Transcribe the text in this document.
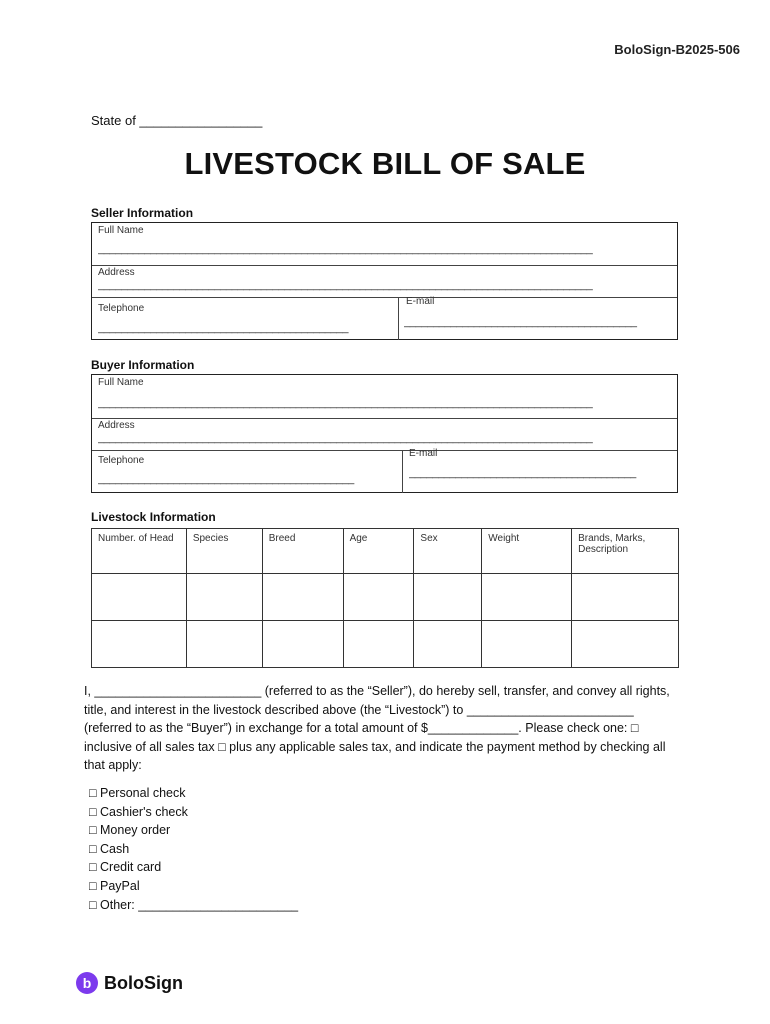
BoloSign-B2025-506
State of _________________
LIVESTOCK BILL OF SALE
Seller Information
Full Name
_____________________________________________________________________________________
Address
_____________________________________________________________________________________
Telephone
___________________________________________
E-mail
________________________________________
Buyer Information
Full Name
_____________________________________________________________________________________
Address
_____________________________________________________________________________________
Telephone
____________________________________________
E-mail
_______________________________________
Livestock Information
Number. of Head	Species	Breed	Age	Sex	Weight	Brands, Marks, Description

I, ________________________ (referred to as the “Seller”), do hereby sell, transfer, and convey all rights, title, and interest in the livestock described above (the “Livestock”) to ________________________ (referred to as the “Buyer”) in exchange for a total amount of $_____________. Please check one: □ inclusive of all sales tax □ plus any applicable sales tax, and indicate the payment method by checking all that apply:
□ Personal check
□ Cashier's check
□ Money order
□ Cash
□ Credit card
□ PayPal
□ Other: _______________________
b BoloSign
